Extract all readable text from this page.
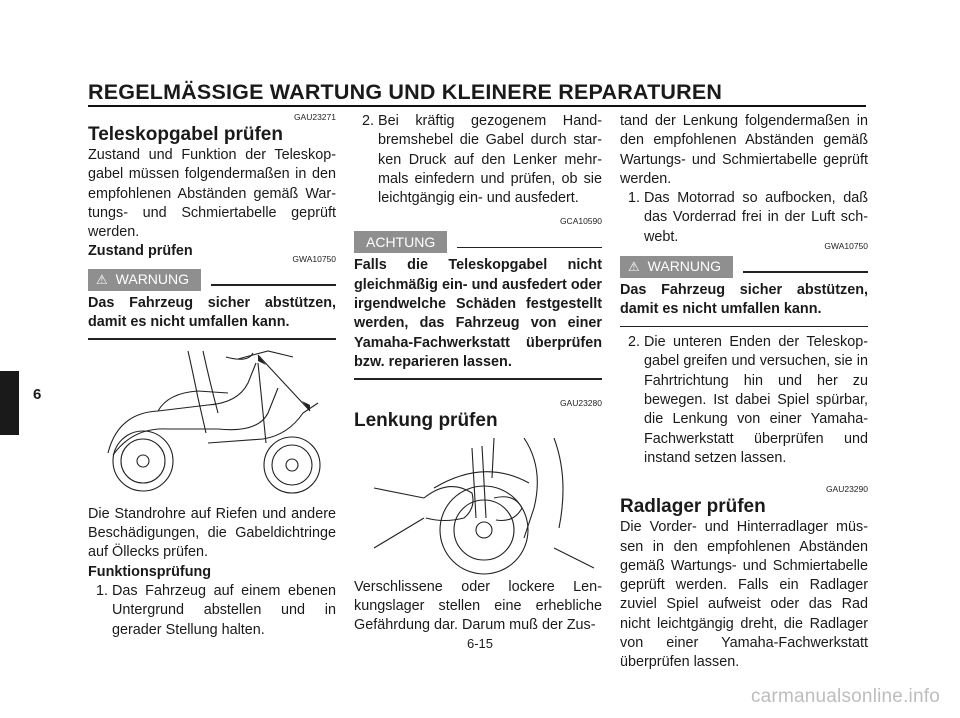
REGELMÄSSIGE WARTUNG UND KLEINERE REPARATUREN
6
GAU23271
Teleskopgabel prüfen

Zustand und Funktion der Teleskopgabel müssen folgendermaßen in den empfohlenen Abständen gemäß Wartungs- und Schmiertabelle geprüft werden.

Zustand prüfen	GWA10750
⚠ WARNUNG
Das Fahrzeug sicher abstützen, damit es nicht umfallen kann.

Die Standrohre auf Riefen und andere Beschädigungen, die Gabeldichtringe auf Öllecks prüfen.

Funktionsprüfung
1. Das Fahrzeug auf einem ebenen Untergrund abstellen und in gerader Stellung halten.
2. Bei kräftig gezogenem Handbremshebel die Gabel durch starken Druck auf den Lenker mehrmals einfedern und prüfen, ob sie leichtgängig ein- und ausfedert.
GCA10590
ACHTUNG
Falls die Teleskopgabel nicht gleichmäßig ein- und ausfedert oder irgendwelche Schäden festgestellt werden, das Fahrzeug von einer Yamaha-Fachwerkstatt überprüfen bzw. reparieren lassen.
GAU23280
Lenkung prüfen

Verschlissene oder lockere Lenkungslager stellen eine erhebliche Gefährdung dar. Darum muß der Zus-

tand der Lenkung folgendermaßen in den empfohlenen Abständen gemäß Wartungs- und Schmiertabelle geprüft werden.

1. Das Motorrad so aufbocken, daß das Vorderrad frei in der Luft schwebt.
GWA10750
⚠ WARNUNG
Das Fahrzeug sicher abstützen, damit es nicht umfallen kann.
2. Die unteren Enden der Teleskopgabel greifen und versuchen, sie in Fahrtrichtung hin und her zu bewegen. Ist dabei Spiel spürbar, die Lenkung von einer Yamaha-Fachwerkstatt überprüfen und instand setzen lassen.
GAU23290
Radlager prüfen

Die Vorder- und Hinterradlager müssen in den empfohlenen Abständen gemäß Wartungs- und Schmiertabelle geprüft werden. Falls ein Radlager zuviel Spiel aufweist oder das Rad nicht leichtgängig dreht, die Radlager von einer Yamaha-Fachwerkstatt überprüfen lassen.

6-15
carmanualsonline.info
